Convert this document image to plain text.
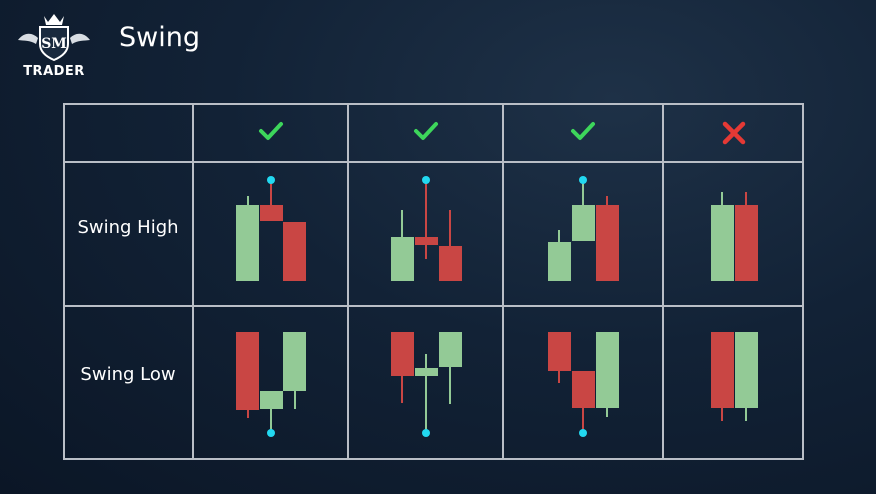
SM
TRADER
Swing
Swing High
Swing Low
